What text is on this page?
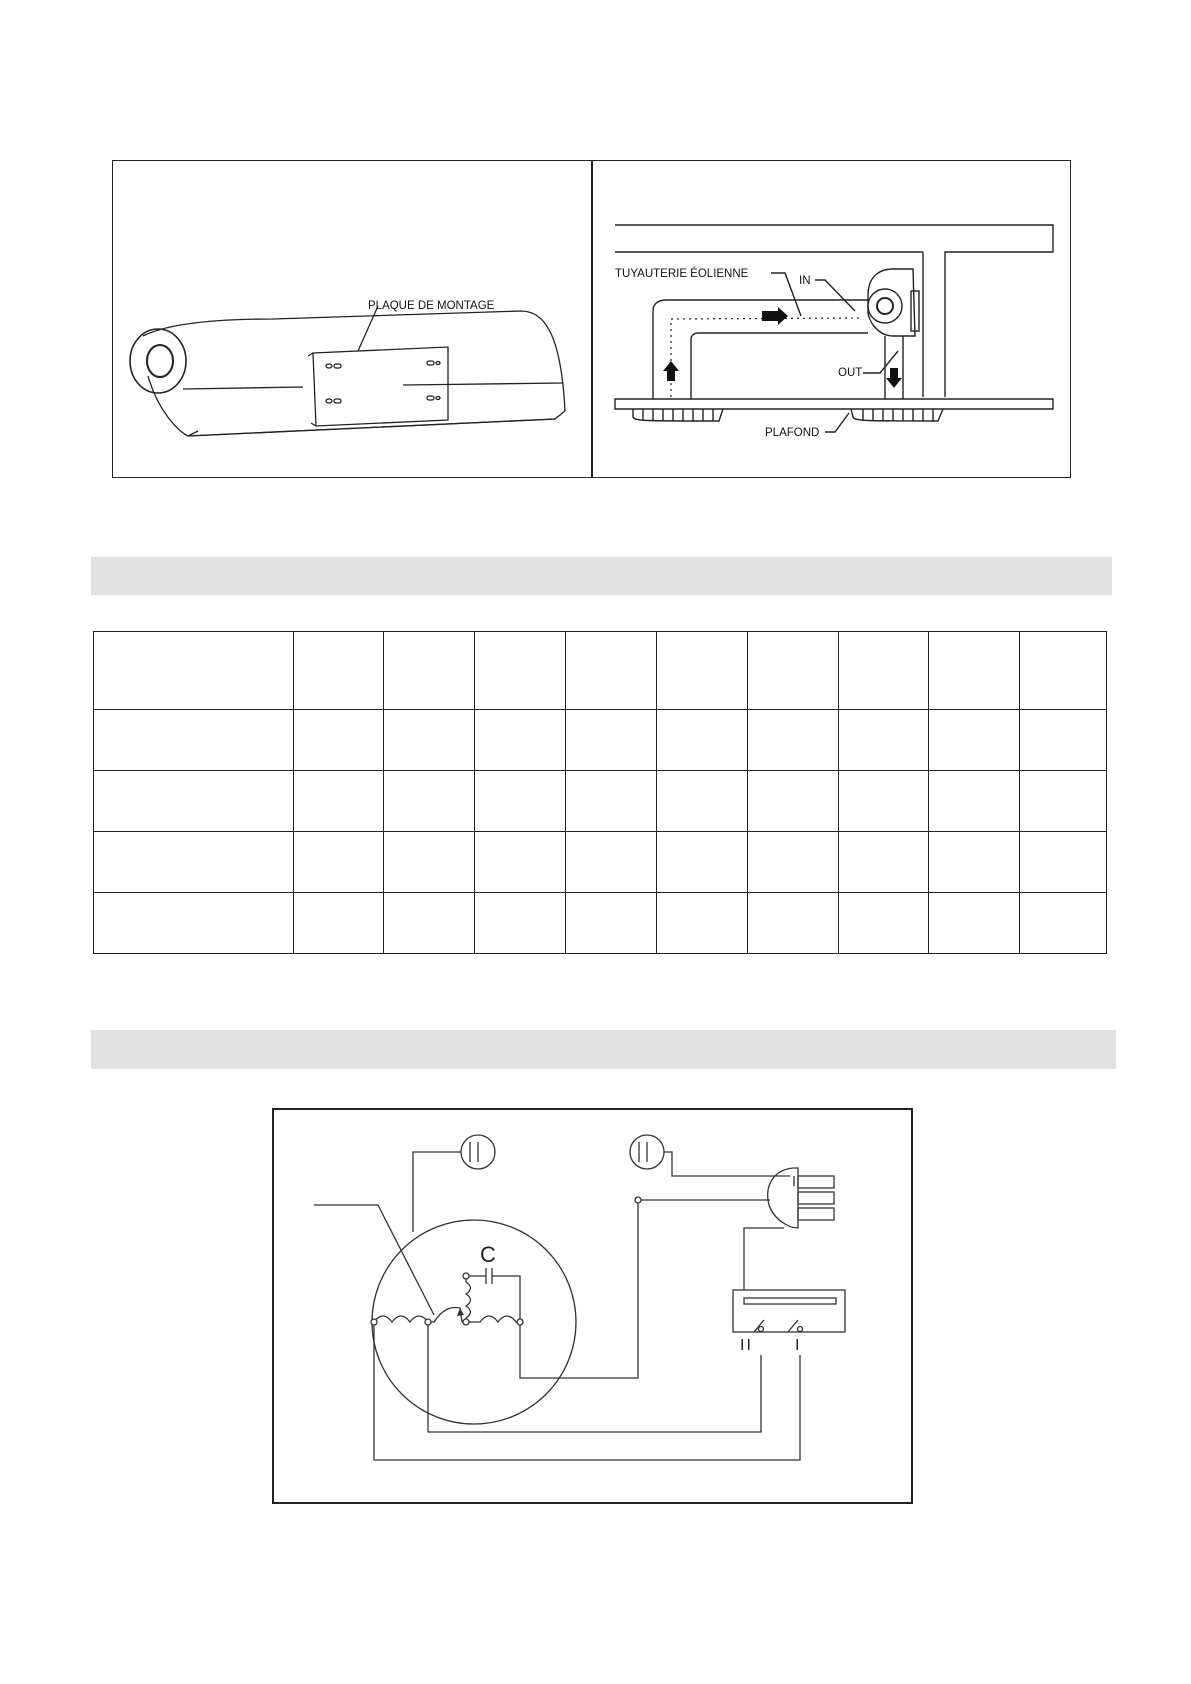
PLAQUE DE MONTAGE
TUYAUTERIE ÉOLIENNE
IN
OUT
PLAFOND

C
II	I
